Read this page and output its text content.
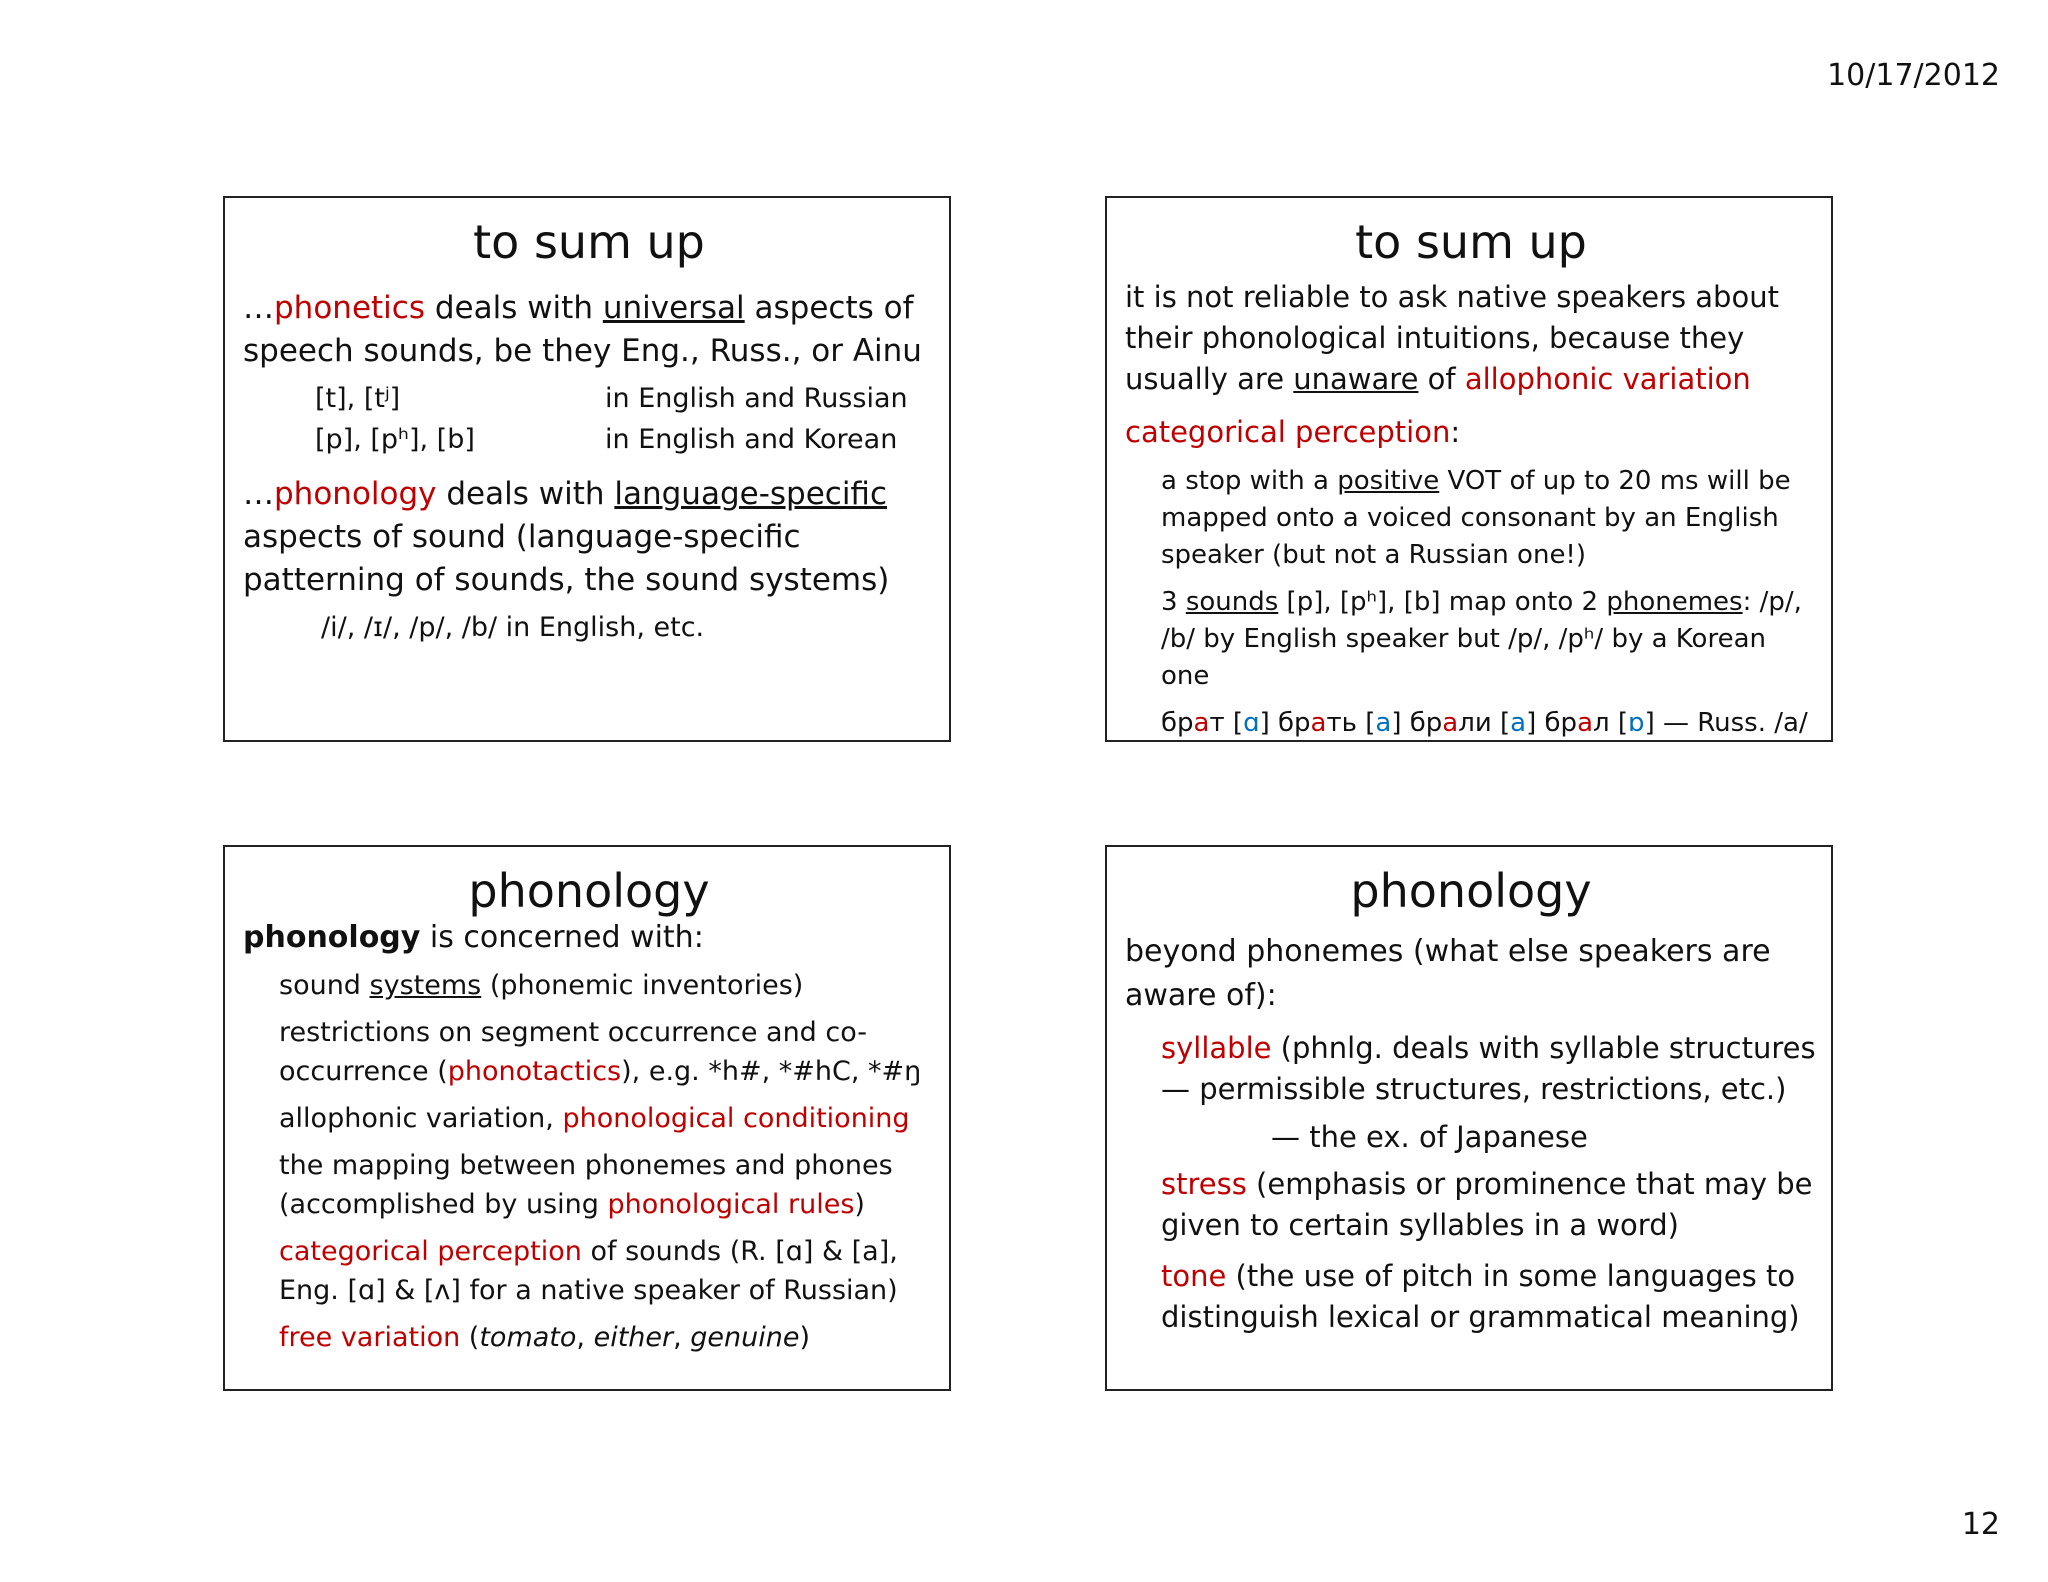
10/17/2012
to sum up
…phonetics deals with universal aspects of speech sounds, be they Eng., Russ., or Ainu
[t], [tʲ]	in English and Russian
[p], [pʰ], [b]	in English and Korean
…phonology deals with language-specific aspects of sound (language-specific patterning of sounds, the sound systems)
/i/, /ɪ/, /p/, /b/ in English, etc.
to sum up
it is not reliable to ask native speakers about their phonological intuitions, because they usually are unaware of allophonic variation
categorical perception:
a stop with a positive VOT of up to 20 ms will be mapped onto a voiced consonant by an English speaker (but not a Russian one!)
3 sounds [p], [pʰ], [b] map onto 2 phonemes: /p/, /b/ by English speaker but /p/, /pʰ/ by a Korean one
брат [ɑ] брать [a] брали [a] брал [ɒ] — Russ. /a/
phonology
phonology is concerned with:
sound systems (phonemic inventories)
restrictions on segment occurrence and co-occurrence (phonotactics), e.g. *h#, *#hC, *#ŋ
allophonic variation, phonological conditioning
the mapping between phonemes and phones (accomplished by using phonological rules)
categorical perception of sounds (R. [ɑ] & [a], Eng. [ɑ] & [ʌ] for a native speaker of Russian)
free variation (tomato, either, genuine)
phonology
beyond phonemes (what else speakers are aware of):
syllable (phnlg. deals with syllable structures — permissible structures, restrictions, etc.)
— the ex. of Japanese
stress (emphasis or prominence that may be given to certain syllables in a word)
tone (the use of pitch in some languages to distinguish lexical or grammatical meaning)
12
